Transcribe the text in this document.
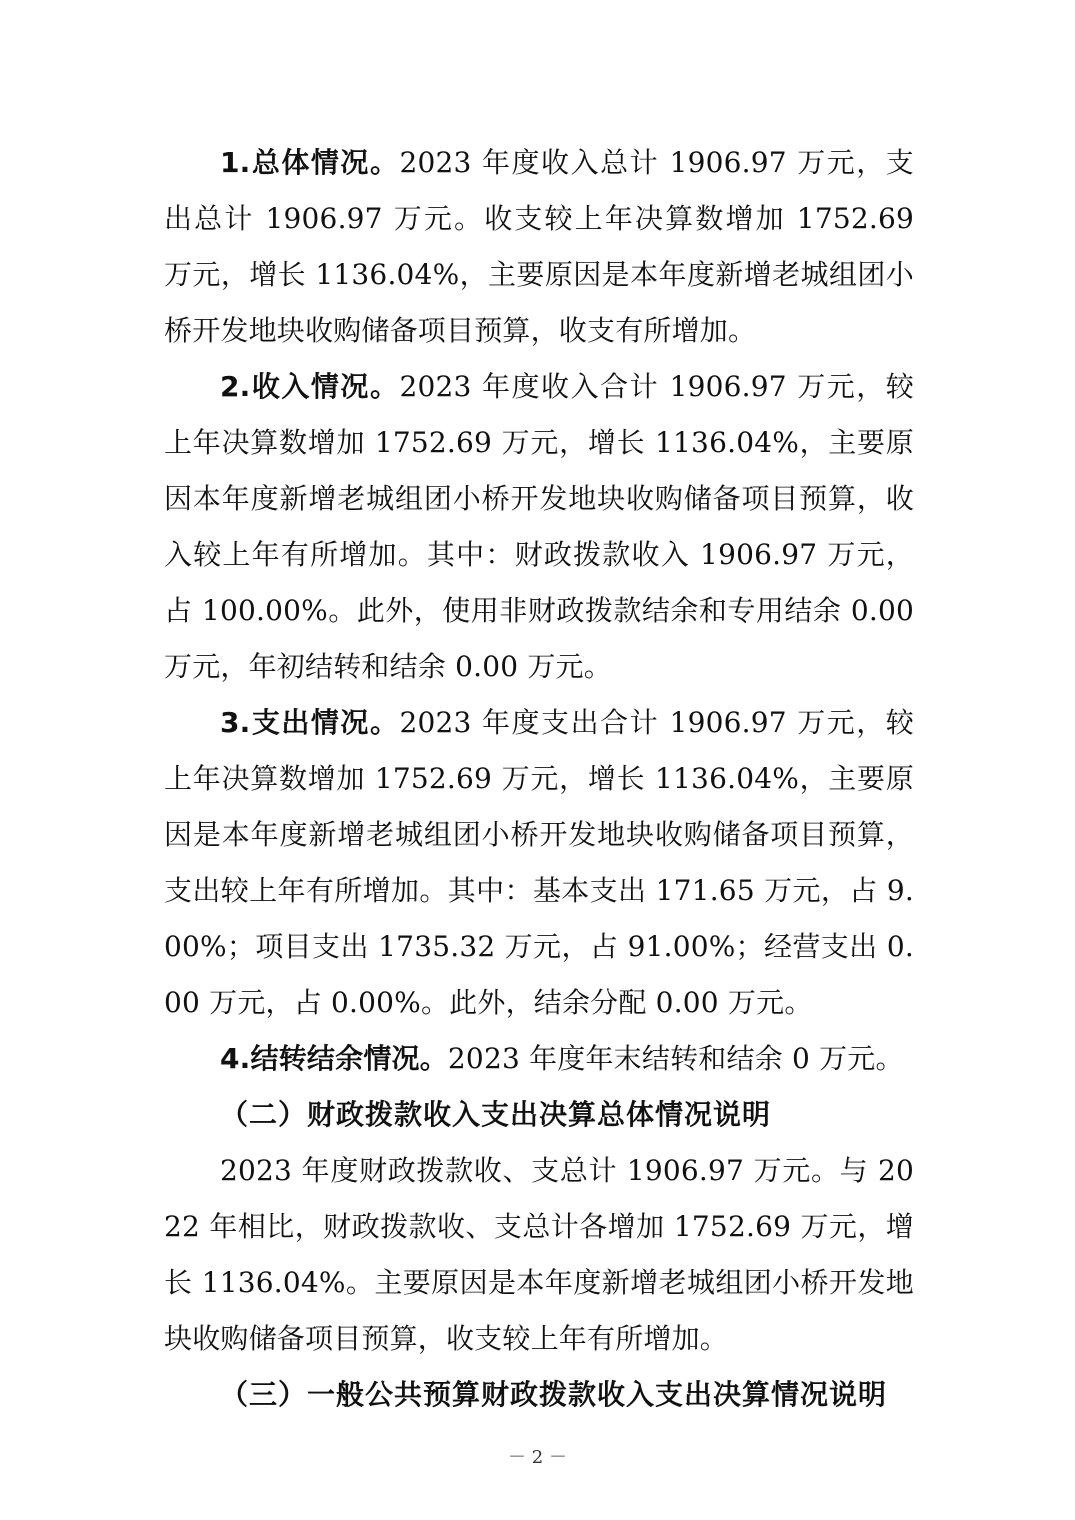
1.总体情况。2023 年度收入总计 1906.97 万元，支出总计 1906.97 万元。收支较上年决算数增加 1752.69 万元，增长 1136.04%，主要原因是本年度新增老城组团小桥开发地块收购储备项目预算，收支有所增加。

2.收入情况。2023 年度收入合计 1906.97 万元，较上年决算数增加 1752.69 万元，增长 1136.04%，主要原因本年度新增老城组团小桥开发地块收购储备项目预算，收入较上年有所增加。其中：财政拨款收入 1906.97 万元，占 100.00%。此外，使用非财政拨款结余和专用结余 0.00 万元，年初结转和结余 0.00 万元。

3.支出情况。2023 年度支出合计 1906.97 万元，较上年决算数增加 1752.69 万元，增长 1136.04%，主要原因是本年度新增老城组团小桥开发地块收购储备项目预算，支出较上年有所增加。其中：基本支出 171.65 万元，占 9.00%；项目支出 1735.32 万元，占 91.00%；经营支出 0.00 万元，占 0.00%。此外，结余分配 0.00 万元。

4.结转结余情况。2023 年度年末结转和结余 0 万元。

（二）财政拨款收入支出决算总体情况说明

2023 年度财政拨款收、支总计 1906.97 万元。与 2022 年相比，财政拨款收、支总计各增加 1752.69 万元，增长 1136.04%。主要原因是本年度新增老城组团小桥开发地块收购储备项目预算，收支较上年有所增加。

（三）一般公共预算财政拨款收入支出决算情况说明

－ 2 －
